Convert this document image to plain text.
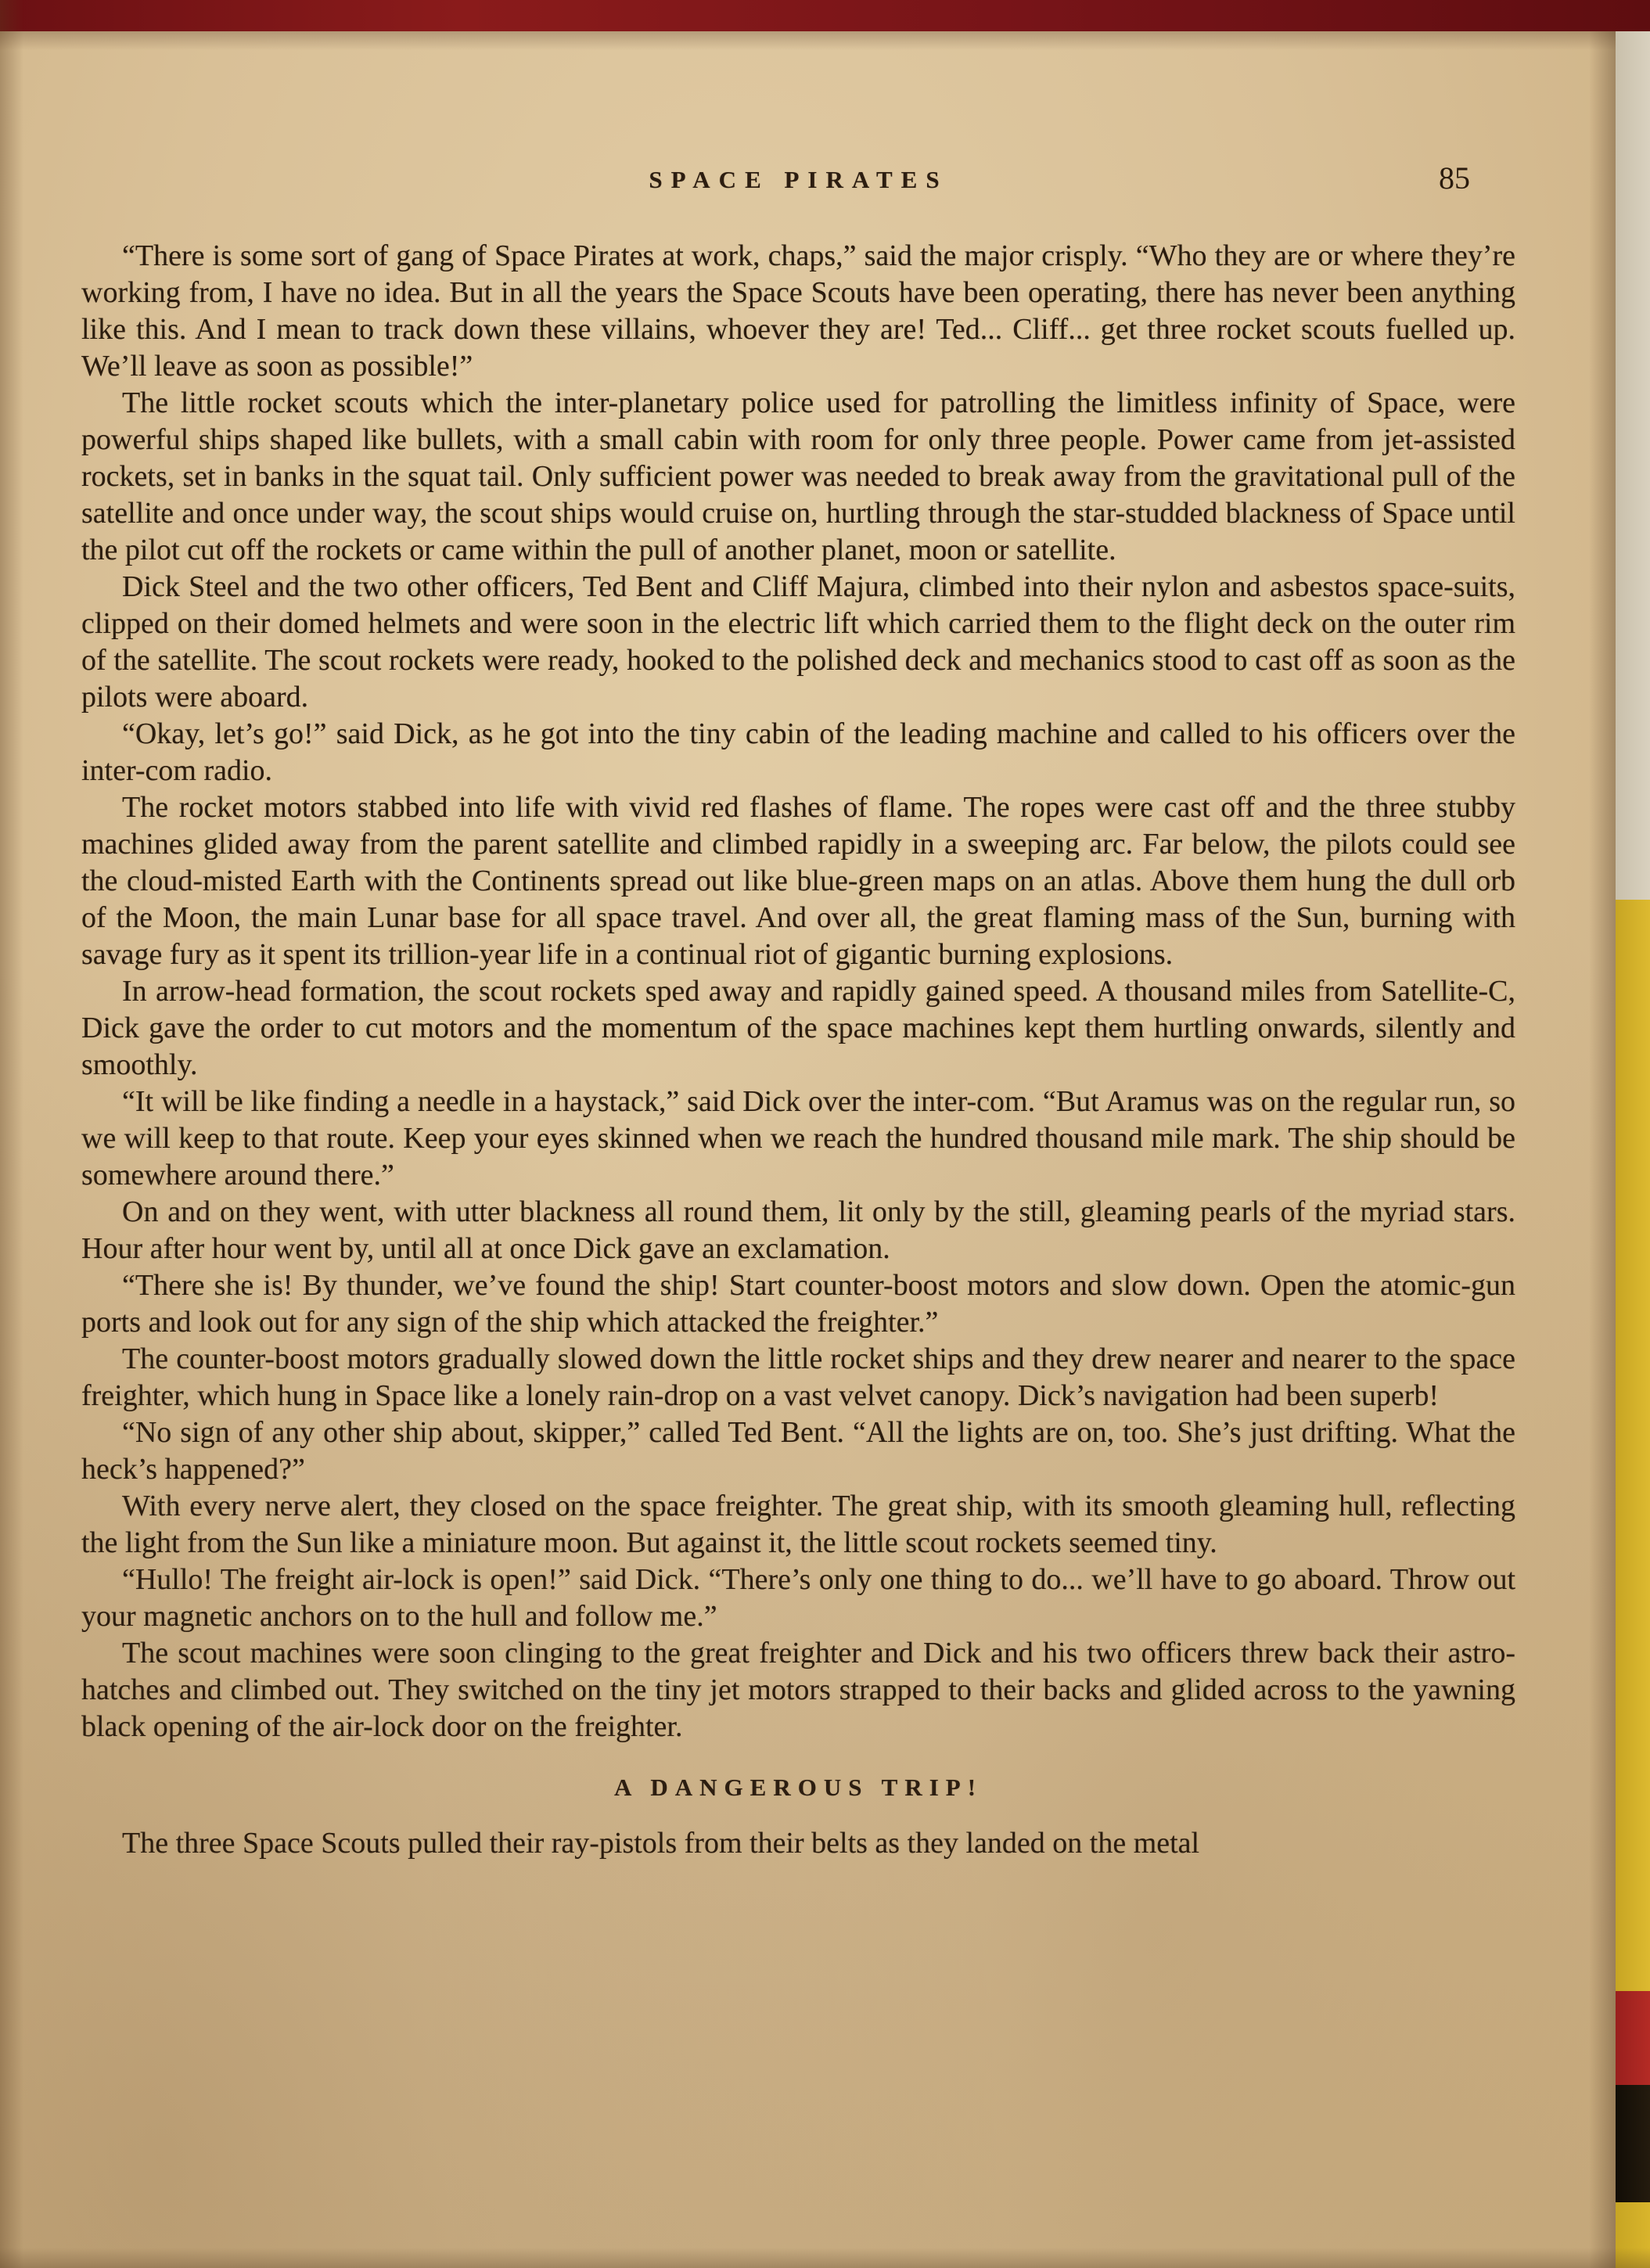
SPACE PIRATES	85

“There is some sort of gang of Space Pirates at work, chaps,” said the major crisply. “Who they are or where they’re working from, I have no idea. But in all the years the Space Scouts have been operating, there has never been anything like this. And I mean to track down these villains, whoever they are! Ted... Cliff... get three rocket scouts fuelled up. We’ll leave as soon as possible!”

The little rocket scouts which the inter-planetary police used for patrolling the limitless infinity of Space, were powerful ships shaped like bullets, with a small cabin with room for only three people. Power came from jet-assisted rockets, set in banks in the squat tail. Only sufficient power was needed to break away from the gravitational pull of the satellite and once under way, the scout ships would cruise on, hurtling through the star-studded blackness of Space until the pilot cut off the rockets or came within the pull of another planet, moon or satellite.

Dick Steel and the two other officers, Ted Bent and Cliff Majura, climbed into their nylon and asbestos space-suits, clipped on their domed helmets and were soon in the electric lift which carried them to the flight deck on the outer rim of the satellite. The scout rockets were ready, hooked to the polished deck and mechanics stood to cast off as soon as the pilots were aboard.

“Okay, let’s go!” said Dick, as he got into the tiny cabin of the leading machine and called to his officers over the inter-com radio.

The rocket motors stabbed into life with vivid red flashes of flame. The ropes were cast off and the three stubby machines glided away from the parent satellite and climbed rapidly in a sweeping arc. Far below, the pilots could see the cloud-misted Earth with the Continents spread out like blue-green maps on an atlas. Above them hung the dull orb of the Moon, the main Lunar base for all space travel. And over all, the great flaming mass of the Sun, burning with savage fury as it spent its trillion-year life in a continual riot of gigantic burning explosions.

In arrow-head formation, the scout rockets sped away and rapidly gained speed. A thousand miles from Satellite-C, Dick gave the order to cut motors and the momentum of the space machines kept them hurtling onwards, silently and smoothly.

“It will be like finding a needle in a haystack,” said Dick over the inter-com. “But Aramus was on the regular run, so we will keep to that route. Keep your eyes skinned when we reach the hundred thousand mile mark. The ship should be somewhere around there.”

On and on they went, with utter blackness all round them, lit only by the still, gleaming pearls of the myriad stars. Hour after hour went by, until all at once Dick gave an exclamation.

“There she is! By thunder, we’ve found the ship! Start counter-boost motors and slow down. Open the atomic-gun ports and look out for any sign of the ship which attacked the freighter.”

The counter-boost motors gradually slowed down the little rocket ships and they drew nearer and nearer to the space freighter, which hung in Space like a lonely rain-drop on a vast velvet canopy. Dick’s navigation had been superb!

“No sign of any other ship about, skipper,” called Ted Bent. “All the lights are on, too. She’s just drifting. What the heck’s happened?”

With every nerve alert, they closed on the space freighter. The great ship, with its smooth gleaming hull, reflecting the light from the Sun like a miniature moon. But against it, the little scout rockets seemed tiny.

“Hullo! The freight air-lock is open!” said Dick. “There’s only one thing to do... we’ll have to go aboard. Throw out your magnetic anchors on to the hull and follow me.”

The scout machines were soon clinging to the great freighter and Dick and his two officers threw back their astro-hatches and climbed out. They switched on the tiny jet motors strapped to their backs and glided across to the yawning black opening of the air-lock door on the freighter.

A DANGEROUS TRIP!

The three Space Scouts pulled their ray-pistols from their belts as they landed on the metal
